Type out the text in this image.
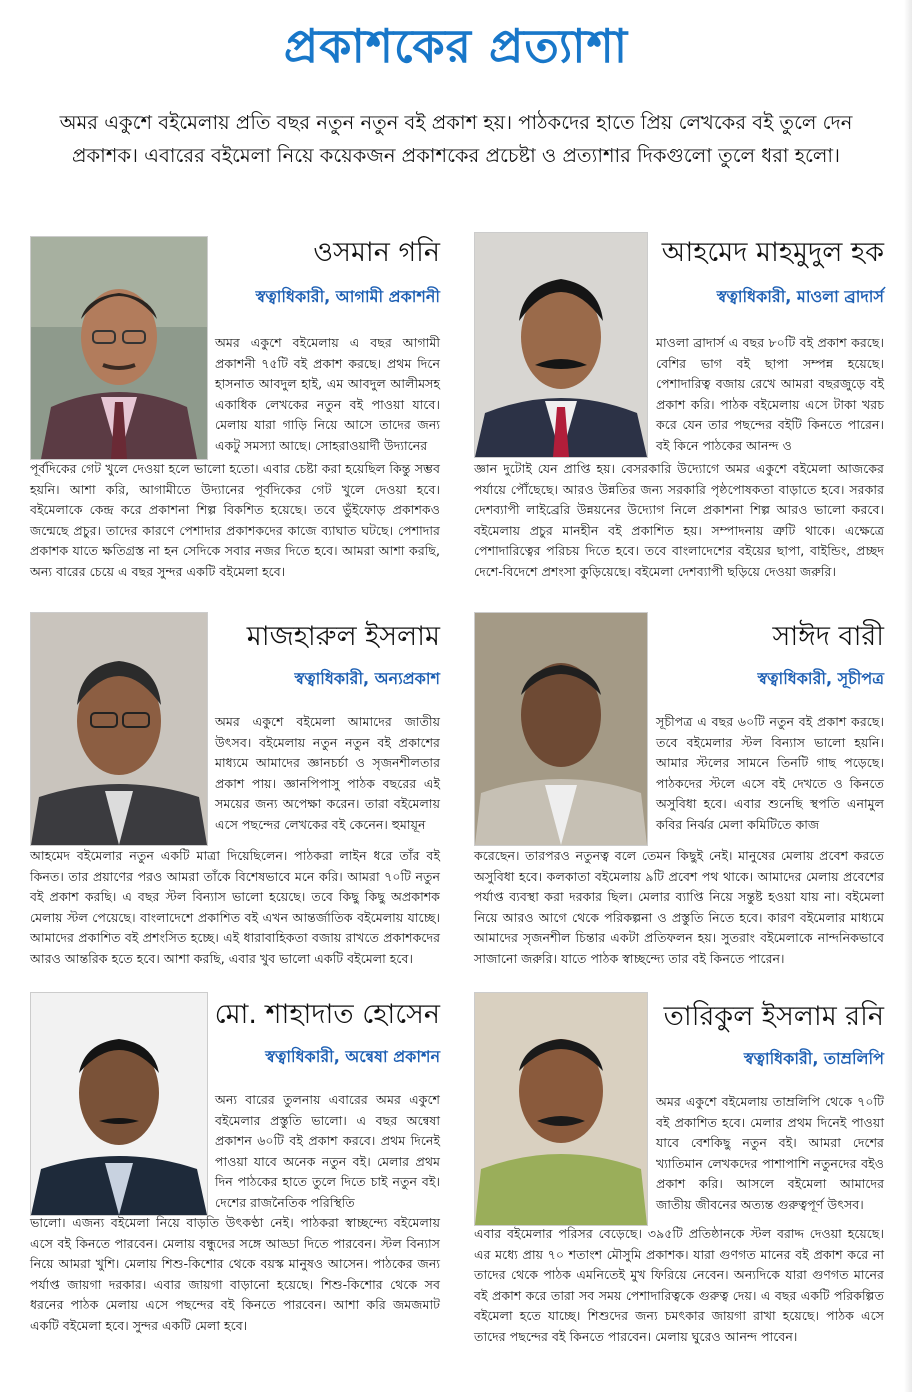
প্রকাশকের প্রত্যাশা
অমর একুশে বইমেলায় প্রতি বছর নতুন নতুন বই প্রকাশ হয়। পাঠকদের হাতে প্রিয় লেখকের বই তুলে দেন প্রকাশক। এবারের বইমেলা নিয়ে কয়েকজন প্রকাশকের প্রচেষ্টা ও প্রত্যাশার দিকগুলো তুলে ধরা হলো।
ওসমান গনি
স্বত্বাধিকারী, আগামী প্রকাশনী
অমর একুশে বইমেলায় এ বছর আগামী প্রকাশনী ৭৫টি বই প্রকাশ করছে। প্রথম দিনে হাসনাত আবদুল হাই, এম আবদুল আলীমসহ একাধিক লেখকের নতুন বই পাওয়া যাবে। মেলায় যারা গাড়ি নিয়ে আসে তাদের জন্য একটু সমস্যা আছে। সোহরাওয়ার্দী উদ্যানের
পূর্বদিকের গেট খুলে দেওয়া হলে ভালো হতো। এবার চেষ্টা করা হয়েছিল কিন্তু সম্ভব হয়নি। আশা করি, আগামীতে উদ্যানের পূর্বদিকের গেট খুলে দেওয়া হবে। বইমেলাকে কেন্দ্র করে প্রকাশনা শিল্প বিকশিত হয়েছে। তবে ভুঁইফোড় প্রকাশকও জন্মেছে প্রচুর। তাদের কারণে পেশাদার প্রকাশকদের কাজে ব্যাঘাত ঘটছে। পেশাদার প্রকাশক যাতে ক্ষতিগ্রস্ত না হন সেদিকে সবার নজর দিতে হবে। আমরা আশা করছি, অন্য বারের চেয়ে এ বছর সুন্দর একটি বইমেলা হবে।
আহমেদ মাহমুদুল হক
স্বত্বাধিকারী, মাওলা ব্রাদার্স
মাওলা ব্রাদার্স এ বছর ৮০টি বই প্রকাশ করছে। বেশির ভাগ বই ছাপা সম্পন্ন হয়েছে। পেশাদারিত্ব বজায় রেখে আমরা বছরজুড়ে বই প্রকাশ করি। পাঠক বইমেলায় এসে টাকা খরচ করে যেন তার পছন্দের বইটি কিনতে পারেন। বই কিনে পাঠকের আনন্দ ও
জ্ঞান দুটোই যেন প্রাপ্তি হয়। বেসরকারি উদ্যোগে অমর একুশে বইমেলা আজকের পর্যায়ে পৌঁছেছে। আরও উন্নতির জন্য সরকারি পৃষ্ঠপোষকতা বাড়াতে হবে। সরকার দেশব্যাপী লাইব্রেরি উন্নয়নের উদ্যোগ নিলে প্রকাশনা শিল্প আরও ভালো করবে। বইমেলায় প্রচুর মানহীন বই প্রকাশিত হয়। সম্পাদনায় ত্রুটি থাকে। এক্ষেত্রে পেশাদারিত্বের পরিচয় দিতে হবে। তবে বাংলাদেশের বইয়ের ছাপা, বাইন্ডিং, প্রচ্ছদ দেশে-বিদেশে প্রশংসা কুড়িয়েছে। বইমেলা দেশব্যাপী ছড়িয়ে দেওয়া জরুরি।
মাজহারুল ইসলাম
স্বত্বাধিকারী, অন্যপ্রকাশ
অমর একুশে বইমেলা আমাদের জাতীয় উৎসব। বইমেলায় নতুন নতুন বই প্রকাশের মাধ্যমে আমাদের জ্ঞানচর্চা ও সৃজনশীলতার প্রকাশ পায়। জ্ঞানপিপাসু পাঠক বছরের এই সময়ের জন্য অপেক্ষা করেন। তারা বইমেলায় এসে পছন্দের লেখকের বই কেনেন। হুমায়ূন
আহমেদ বইমেলার নতুন একটি মাত্রা দিয়েছিলেন। পাঠকরা লাইন ধরে তাঁর বই কিনত। তার প্রয়াণের পরও আমরা তাঁকে বিশেষভাবে মনে করি। আমরা ৭০টি নতুন বই প্রকাশ করছি। এ বছর স্টল বিন্যাস ভালো হয়েছে। তবে কিছু কিছু অপ্রকাশক মেলায় স্টল পেয়েছে। বাংলাদেশে প্রকাশিত বই এখন আন্তর্জাতিক বইমেলায় যাচ্ছে। আমাদের প্রকাশিত বই প্রশংসিত হচ্ছে। এই ধারাবাহিকতা বজায় রাখতে প্রকাশকদের আরও আন্তরিক হতে হবে। আশা করছি, এবার খুব ভালো একটি বইমেলা হবে।
সাঈদ বারী
স্বত্বাধিকারী, সূচীপত্র
সূচীপত্র এ বছর ৬০টি নতুন বই প্রকাশ করছে। তবে বইমেলার স্টল বিন্যাস ভালো হয়নি। আমার স্টলের সামনে তিনটি গাছ পড়েছে। পাঠকদের স্টলে এসে বই দেখতে ও কিনতে অসুবিধা হবে। এবার শুনেছি স্থপতি এনামুল কবির নির্ঝর মেলা কমিটিতে কাজ
করেছেন। তারপরও নতুনত্ব বলে তেমন কিছুই নেই। মানুষের মেলায় প্রবেশ করতে অসুবিধা হবে। কলকাতা বইমেলায় ৯টি প্রবেশ পথ থাকে। আমাদের মেলায় প্রবেশের পর্যাপ্ত ব্যবস্থা করা দরকার ছিল। মেলার ব্যাপ্তি নিয়ে সন্তুষ্ট হওয়া যায় না। বইমেলা নিয়ে আরও আগে থেকে পরিকল্পনা ও প্রস্তুতি নিতে হবে। কারণ বইমেলার মাধ্যমে আমাদের সৃজনশীল চিন্তার একটা প্রতিফলন হয়। সুতরাং বইমেলাকে নান্দনিকভাবে সাজানো জরুরি। যাতে পাঠক স্বাচ্ছন্দ্যে তার বই কিনতে পারেন।
মো. শাহাদাত হোসেন
স্বত্বাধিকারী, অন্বেষা প্রকাশন
অন্য বারের তুলনায় এবারের অমর একুশে বইমেলার প্রস্তুতি ভালো। এ বছর অন্বেষা প্রকাশন ৬০টি বই প্রকাশ করবে। প্রথম দিনেই পাওয়া যাবে অনেক নতুন বই। মেলার প্রথম দিন পাঠকের হাতে তুলে দিতে চাই নতুন বই। দেশের রাজনৈতিক পরিস্থিতি
ভালো। এজন্য বইমেলা নিয়ে বাড়তি উৎকণ্ঠা নেই। পাঠকরা স্বাচ্ছন্দ্যে বইমেলায় এসে বই কিনতে পারবেন। মেলায় বন্ধুদের সঙ্গে আড্ডা দিতে পারবেন। স্টল বিন্যাস নিয়ে আমরা খুশি। মেলায় শিশু-কিশোর থেকে বয়স্ক মানুষও আসেন। পাঠকের জন্য পর্যাপ্ত জায়গা দরকার। এবার জায়গা বাড়ানো হয়েছে। শিশু-কিশোর থেকে সব ধরনের পাঠক মেলায় এসে পছন্দের বই কিনতে পারবেন। আশা করি জমজমাট একটি বইমেলা হবে। সুন্দর একটি মেলা হবে।
তারিকুল ইসলাম রনি
স্বত্বাধিকারী, তাম্রলিপি
অমর একুশে বইমেলায় তাম্রলিপি থেকে ৭০টি বই প্রকাশিত হবে। মেলার প্রথম দিনেই পাওয়া যাবে বেশকিছু নতুন বই। আমরা দেশের খ্যাতিমান লেখকদের পাশাপাশি নতুনদের বইও প্রকাশ করি। আসলে বইমেলা আমাদের জাতীয় জীবনের অত্যন্ত গুরুত্বপূর্ণ উৎসব।
এবার বইমেলার পরিসর বেড়েছে। ৩৯৫টি প্রতিষ্ঠানকে স্টল বরাদ্দ দেওয়া হয়েছে। এর মধ্যে প্রায় ৭০ শতাংশ মৌসুমি প্রকাশক। যারা গুণগত মানের বই প্রকাশ করে না তাদের থেকে পাঠক এমনিতেই মুখ ফিরিয়ে নেবেন। অন্যদিকে যারা গুণগত মানের বই প্রকাশ করে তারা সব সময় পেশাদারিত্বকে গুরুত্ব দেয়। এ বছর একটি পরিকল্পিত বইমেলা হতে যাচ্ছে। শিশুদের জন্য চমৎকার জায়গা রাখা হয়েছে। পাঠক এসে তাদের পছন্দের বই কিনতে পারবেন। মেলায় ঘুরেও আনন্দ পাবেন।
